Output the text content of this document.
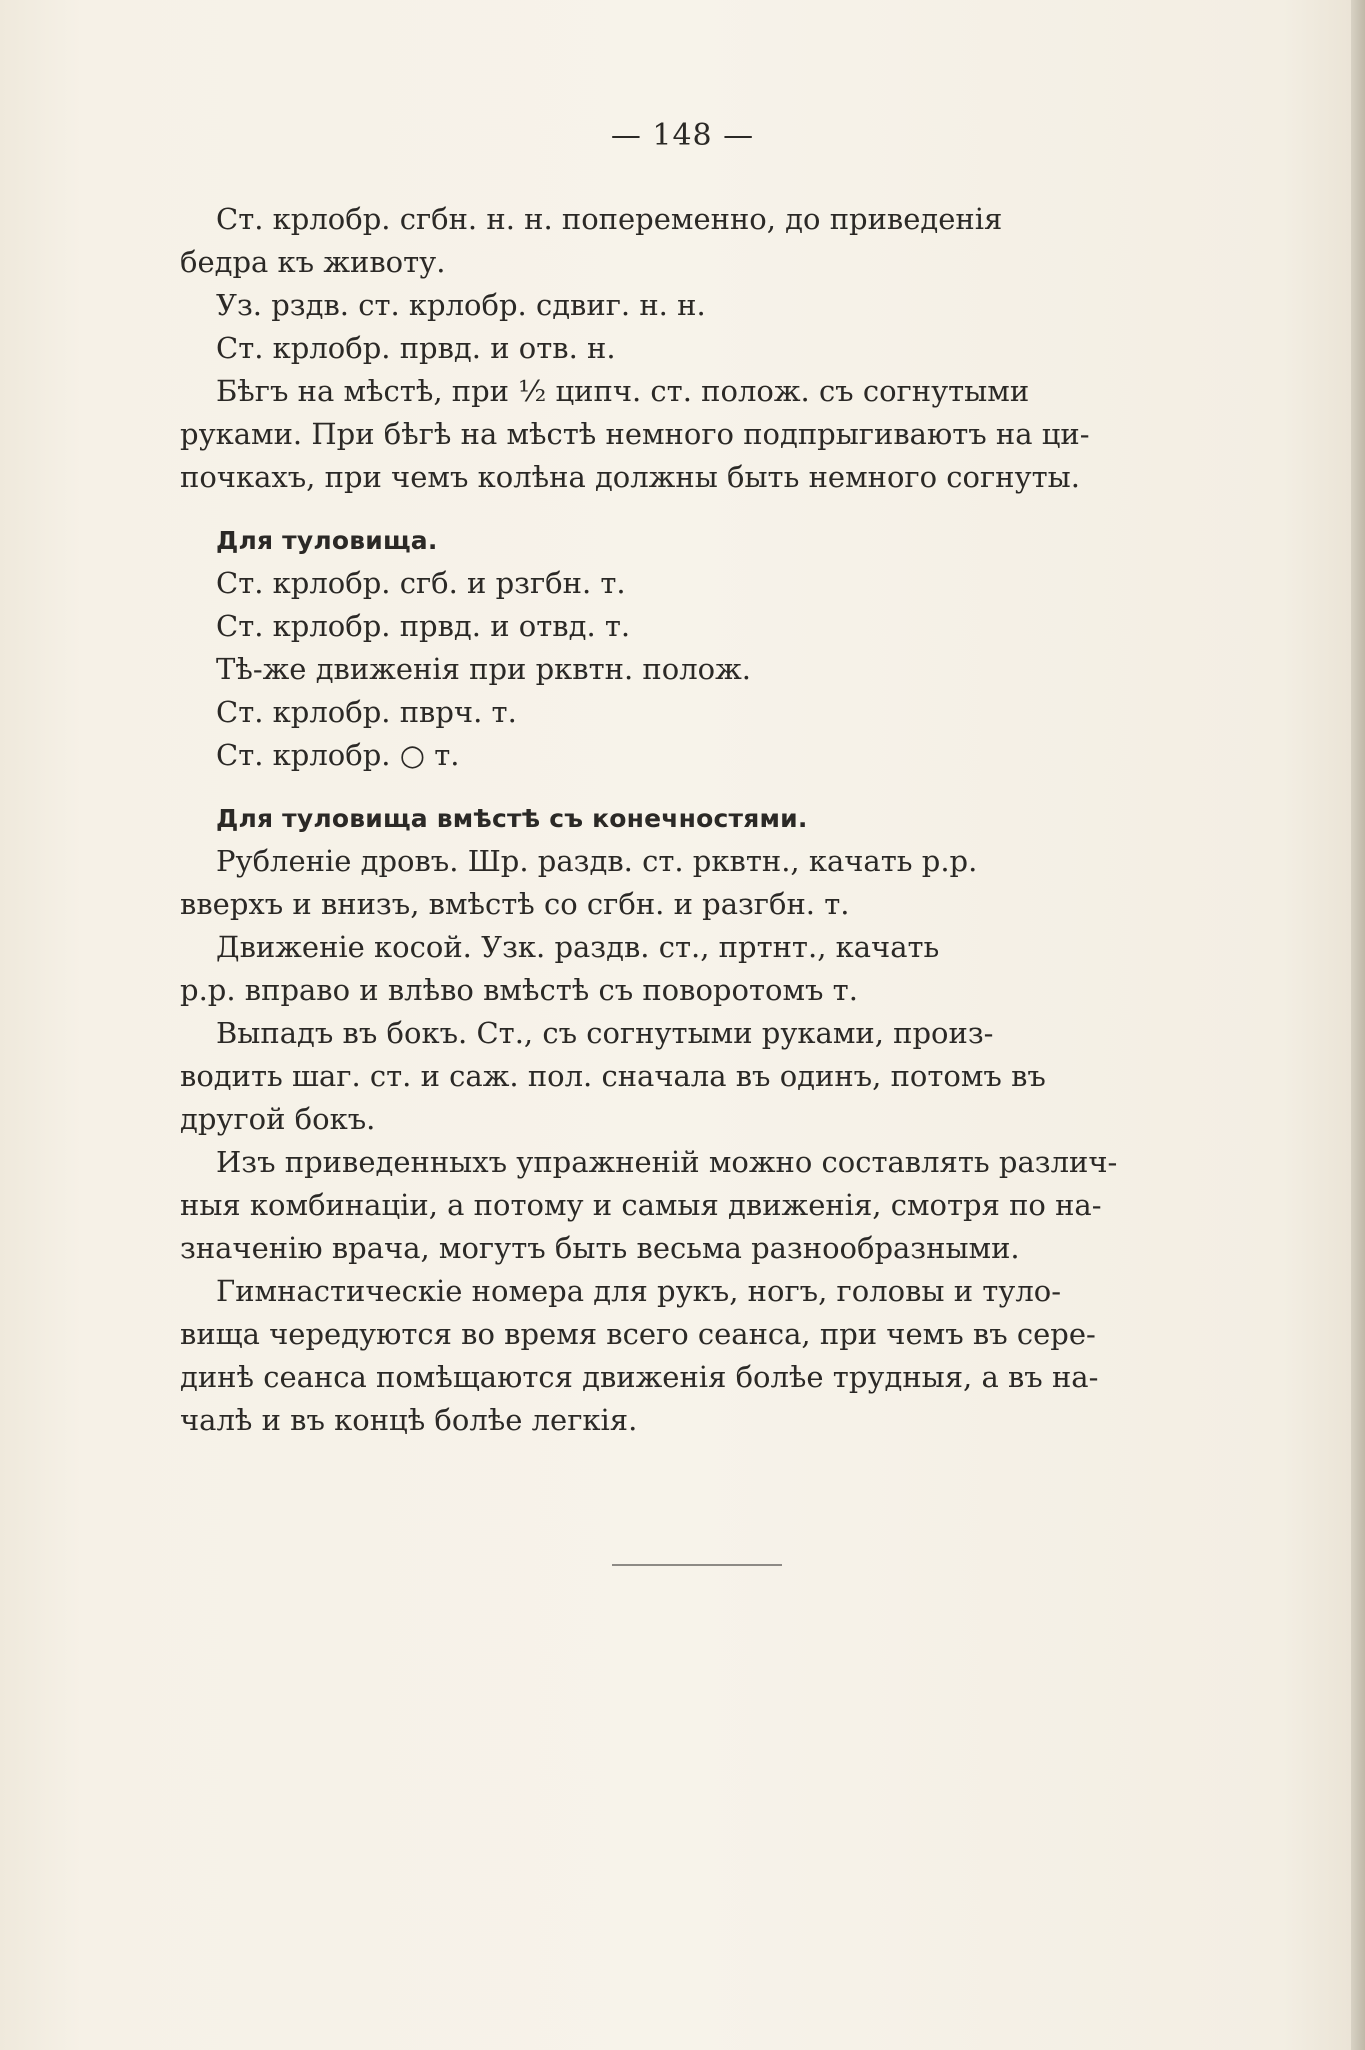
— 148 —
Ст. крлобр. сгбн. н. н. попеременно, до приведенія
бедра къ животу.
Уз. рздв. ст. крлобр. сдвиг. н. н.
Ст. крлобр. првд. и отв. н.
Бѣгъ на мѣстѣ, при ½ ципч. ст. полож. съ согнутыми
руками. При бѣгѣ на мѣстѣ немного подпрыгиваютъ на ци-
почкахъ, при чемъ колѣна должны быть немного согнуты.
Для туловища.
Ст. крлобр. сгб. и рзгбн. т.
Ст. крлобр. првд. и отвд. т.
Тѣ-же движенія при рквтн. полож.
Ст. крлобр. пврч. т.
Ст. крлобр. ○ т.
Для туловища вмѣстѣ съ конечностями.
Рубленіе дровъ. Шр. раздв. ст. рквтн., качать р.р.
вверхъ и внизъ, вмѣстѣ со сгбн. и разгбн. т.
Движеніе косой. Узк. раздв. ст., пртнт., качать
р.р. вправо и влѣво вмѣстѣ съ поворотомъ т.
Выпадъ въ бокъ. Ст., съ согнутыми руками, произ-
водить шаг. ст. и саж. пол. сначала въ одинъ, потомъ въ
другой бокъ.
Изъ приведенныхъ упражненій можно составлять различ-
ныя комбинаціи, а потому и самыя движенія, смотря по на-
значенію врача, могутъ быть весьма разнообразными.
Гимнастическіе номера для рукъ, ногъ, головы и туло-
вища чередуются во время всего сеанса, при чемъ въ сере-
динѣ сеанса помѣщаются движенія болѣе трудныя, а въ на-
чалѣ и въ концѣ болѣе легкія.
